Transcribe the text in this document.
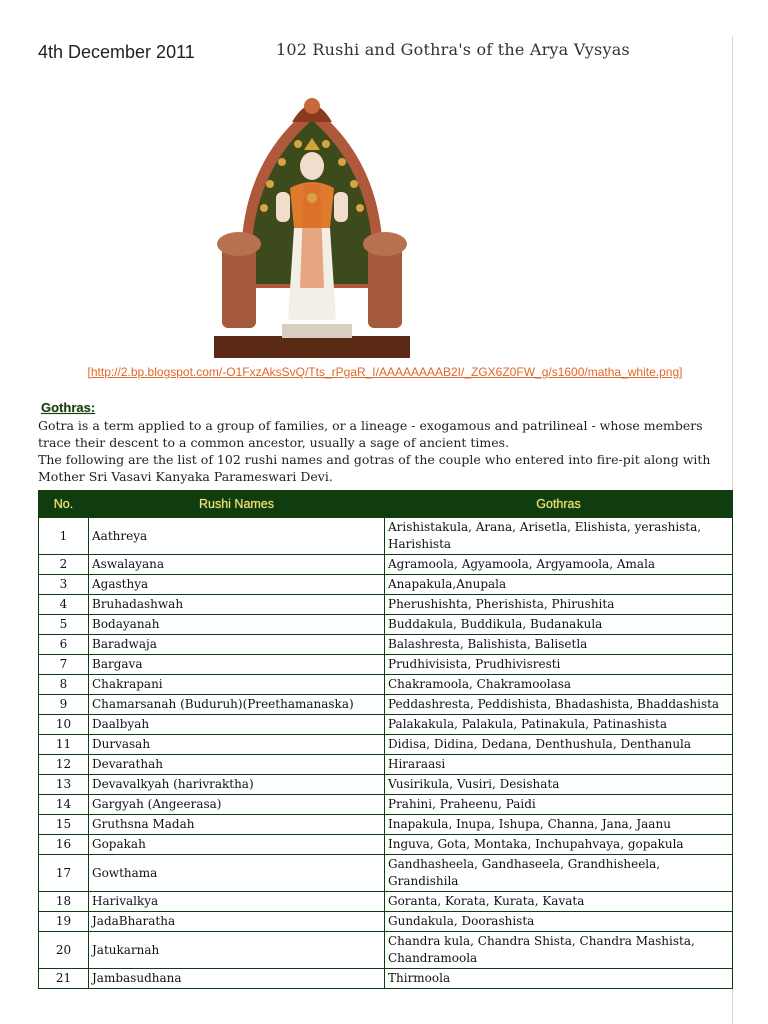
4th December 2011	102 Rushi and Gothra's of the Arya Vysyas
[http://2.bp.blogspot.com/-O1FxzAksSvQ/Tts_rPgaR_I/AAAAAAAAB2I/_ZGX6Z0FW_g/s1600/matha_white.png]
Gothras:

Gotra is a term applied to a group of families, or a lineage - exogamous and patrilineal - whose members trace their descent to a common ancestor, usually a sage of ancient times.

The following are the list of 102 rushi names and gotras of the couple who entered into fire-pit along with Mother Sri Vasavi Kanyaka Parameswari Devi.

No.	Rushi Names	Gothras
1	Aathreya	Arishistakula, Arana, Arisetla, Elishista, yerashista, Harishista
2	Aswalayana	Agramoola, Agyamoola, Argyamoola, Amala
3	Agasthya	Anapakula,Anupala
4	Bruhadashwah	Pherushishta, Pherishista, Phirushita
5	Bodayanah	Buddakula, Buddikula, Budanakula
6	Baradwaja	Balashresta, Balishista, Balisetla
7	Bargava	Prudhivisista, Prudhivisresti
8	Chakrapani	Chakramoola, Chakramoolasa
9	Chamarsanah (Buduruh)(Preethamanaska)	Peddashresta, Peddishista, Bhadashista, Bhaddashista
10	Daalbyah	Palakakula, Palakula, Patinakula, Patinashista
11	Durvasah	Didisa, Didina, Dedana, Denthushula, Denthanula
12	Devarathah	Hiraraasi
13	Devavalkyah (harivraktha)	Vusirikula, Vusiri, Desishata
14	Gargyah (Angeerasa)	Prahini, Praheenu, Paidi
15	Gruthsna Madah	Inapakula, Inupa, Ishupa, Channa, Jana, Jaanu
16	Gopakah	Inguva, Gota, Montaka, Inchupahvaya, gopakula
17	Gowthama	Gandhasheela, Gandhaseela, Grandhisheela, Grandishila
18	Harivalkya	Goranta, Korata, Kurata, Kavata
19	JadaBharatha	Gundakula, Doorashista
20	Jatukarnah	Chandra kula, Chandra Shista, Chandra Mashista, Chandramoola
21	Jambasudhana	Thirmoola
